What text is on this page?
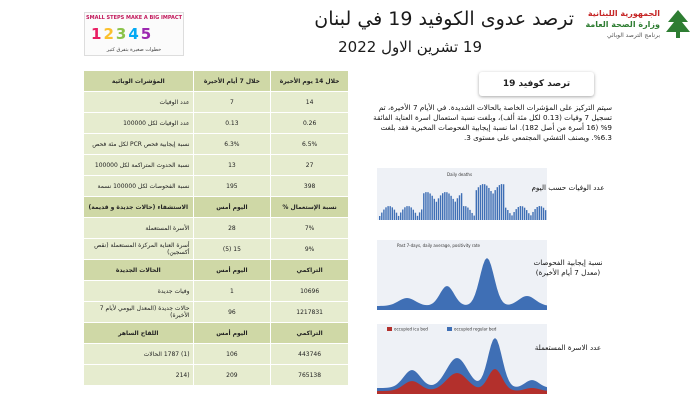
ترصد عدوى الكوفيد 19 في لبنان
19 تشرين الاول 2022
SMALL STEPS MAKE A BIG IMPACT
12345
خطوات صغيرة بتفرق كتير
الجمهورية اللبنانية
وزارة الصحة العامة
برنامج الترصد الوبائي
المؤشرات الوبائية	خلال 7 أيام الأخيرة	خلال 14 يوم الأخيرة
عدد الوفيات	7	14
عدد الوفيات لكل 100000	0.13	0.26
نسبة إيجابية فحص PCR لكل مئة فحص	6.3%	6.5%
نسبة الحدوث المتراكمة لكل 100000	13	27
نسبة الفحوصات لكل 100000 نسمة	195	398
الاستشفاء (حالات جديدة و قديمة)	اليوم أمس	% نسبة الإستعمال
الأسرة المستعملة	28	7%
أسرة العناية المركزة المستعملة (نقص أكسجين)	(5) 15	9%
الحالات الجديدة	اليوم أمس	التراكمي
وفيات جديدة	1	10696
حالات جديدة (المعدل اليومي لأيام 7 الأخيرة)	96	1217831
اللقاح الساهر	اليوم أمس	التراكمي
(1) 1787 الحالات	106	443746
(214	209	765138
ترصد كوفيد 19
سيتم التركيز على المؤشرات الخاصة بالحالات الشديدة. في الأيام 7 الأخيرة، تم تسجيل 7 وفيات (0.13 لكل مئة ألف)، وبلغت نسبة استعمال اسرة العناية الفائقة 9% (16 أسرة من أصل 182). اما نسبة إيجابية الفحوصات المخبرية فقد بلغت 6.3%. ويصنف التفشي المجتمعي على مستوى 3.
Daily deaths
عدد الوفيات حسب اليوم
Past 7-days, daily average, positivity rate
نسبة إيجابية الفحوصات (معدل 7 أيام الأخيرة)
occupied icu bed	occupied regular bed
عدد الاسرة المستعملة
